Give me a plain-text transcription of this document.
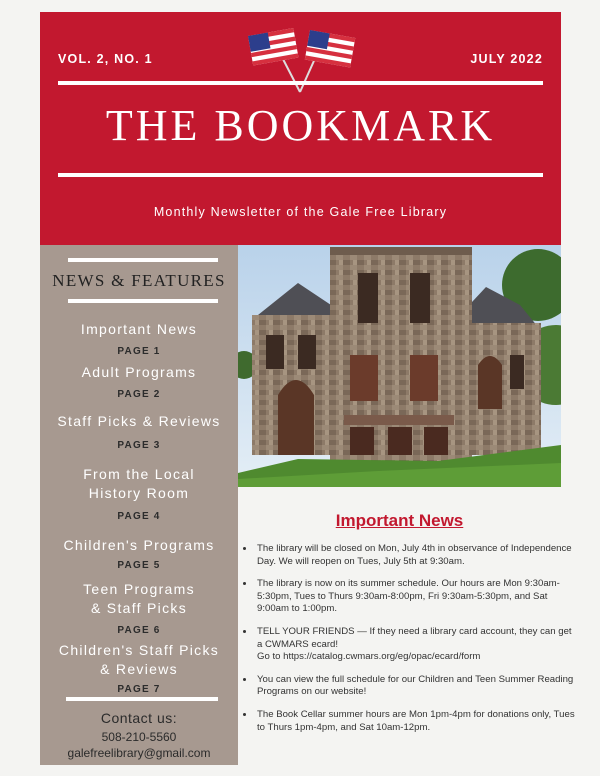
VOL. 2, NO. 1	JULY 2022
THE BOOKMARK
Monthly Newsletter of the Gale Free Library
NEWS & FEATURES
Important News
PAGE 1
Adult Programs
PAGE 2
Staff Picks & Reviews
PAGE 3
From the Local
History Room
PAGE 4
Children's Programs
PAGE 5
Teen Programs
& Staff Picks
PAGE 6
Children's Staff Picks
& Reviews
PAGE 7
Contact us:
508-210-5560
galefreelibrary@gmail.com
Important News
• The library will be closed on Mon, July 4th in observance of Independence Day. We will reopen on Tues, July 5th at 9:30am.
• The library is now on its summer schedule. Our hours are Mon 9:30am-5:30pm, Tues to Thurs 9:30am-8:00pm, Fri 9:30am-5:30pm, and Sat 9:00am to 1:00pm.
• TELL YOUR FRIENDS — If they need a library card account, they can get a CWMARS ecard!
Go to https://catalog.cwmars.org/eg/opac/ecard/form
• You can view the full schedule for our Children and Teen Summer Reading Programs on our website!
• The Book Cellar summer hours are Mon 1pm-4pm for donations only, Tues to Thurs 1pm-4pm, and Sat 10am-12pm.
